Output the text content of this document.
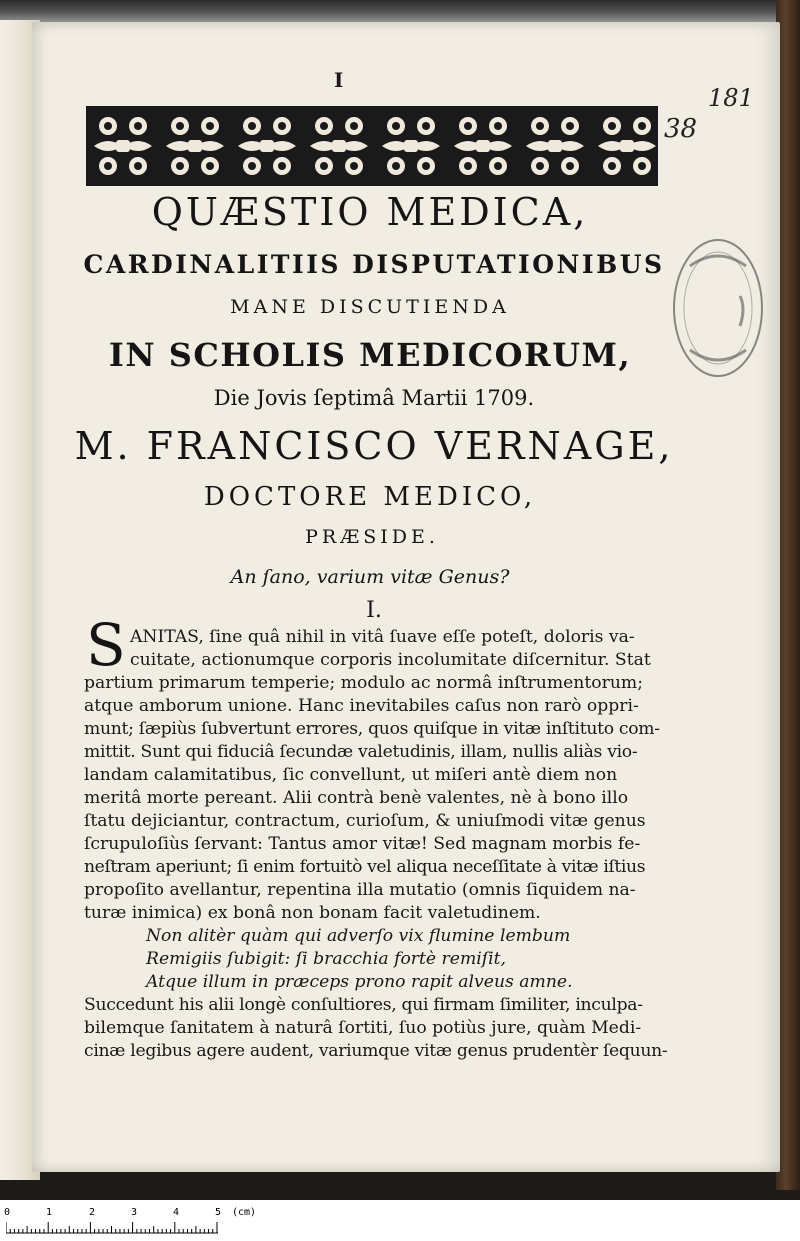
I
181
38
QUÆSTIO MEDICA,
CARDINALITIIS DISPUTATIONIBUS
MANE DISCUTIENDA
IN SCHOLIS MEDICORUM,
Die Jovis ſeptimâ Martii 1709.
M. FRANCISCO VERNAGE,
DOCTORE MEDICO,
PRÆSIDE.
An ſano, varium vitæ Genus?
I.
S ANITAS, ſine quâ nihil in vitâ ſuave eſſe poteſt, doloris va-
cuitate, actionumque corporis incolumitate diſcernitur. Stat
partium primarum temperie; modulo ac normâ inſtrumentorum;
atque amborum unione. Hanc inevitabiles caſus non rarò oppri-
munt; ſæpiùs ſubvertunt errores, quos quiſque in vitæ inſtituto com-
mittit. Sunt qui fiduciâ ſecundæ valetudinis, illam, nullis aliàs vio-
landam calamitatibus, ſic convellunt, ut miſeri antè diem non
meritâ morte pereant. Alii contrà benè valentes, nè à bono illo
ſtatu dejiciantur, contractum, curioſum, & uniuſmodi vitæ genus
ſcrupuloſiùs ſervant: Tantus amor vitæ! Sed magnam morbis fe-
neſtram aperiunt; ſi enim fortuitò vel aliqua neceſſitate à vitæ iſtius
propoſito avellantur, repentina illa mutatio (omnis ſiquidem na-
turæ inimica) ex bonâ non bonam facit valetudinem.
Non alitèr quàm qui adverſo vix flumine lembum
Remigiis ſubigit: ſi bracchia fortè remiſit,
Atque illum in præceps prono rapit alveus amne.
Succedunt his alii longè conſultiores, qui firmam ſimiliter, inculpa-
bilemque ſanitatem à naturâ ſortiti, ſuo potiùs jure, quàm Medi-
cinæ legibus agere audent, variumque vitæ genus prudentèr ſequun-
0	1	2	3	4	5 (cm)
